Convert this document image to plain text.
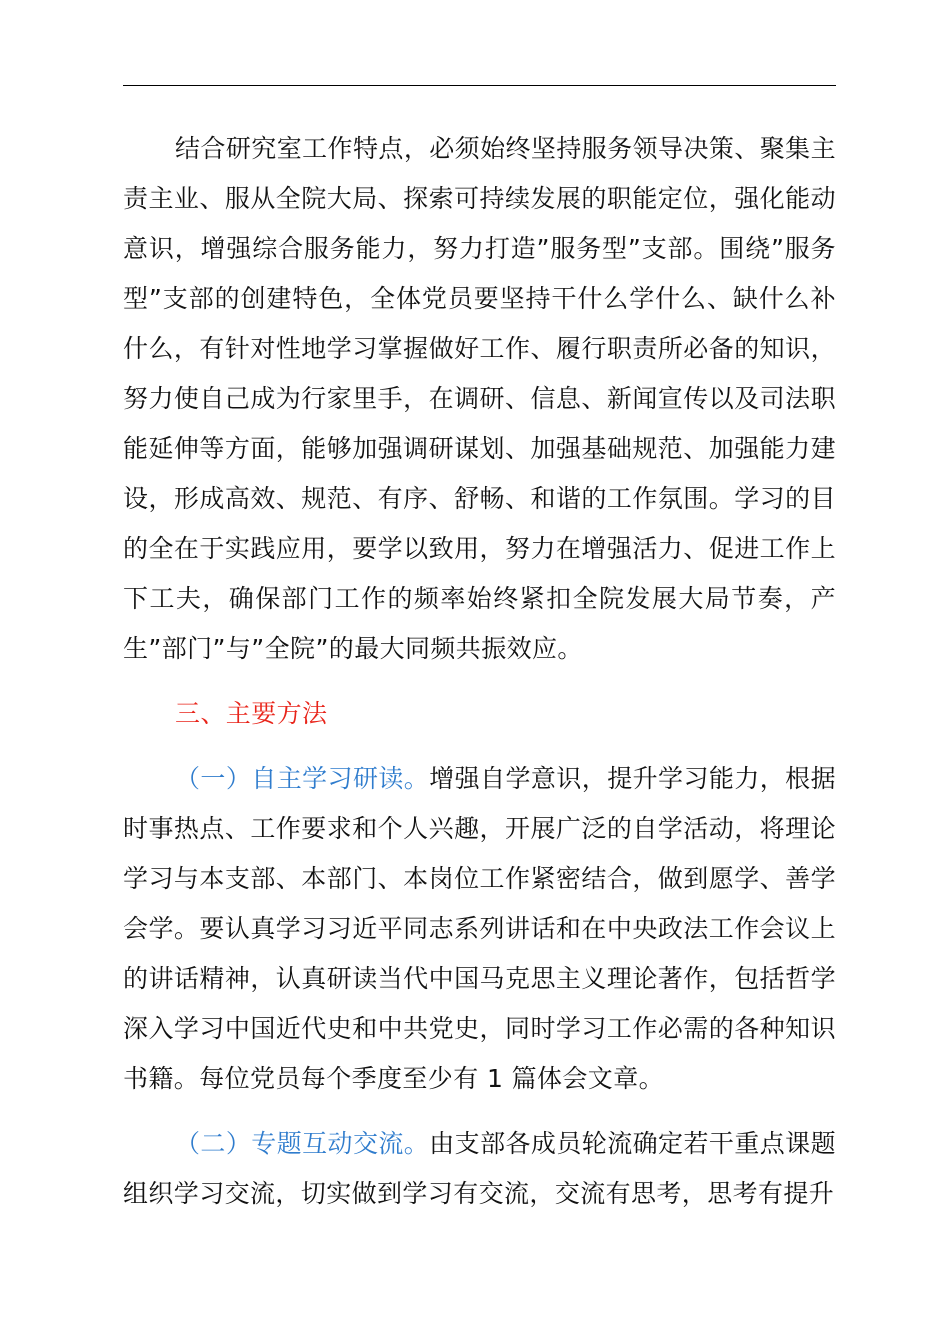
结合研究室工作特点，必须始终坚持服务领导决策、聚集主责主业、服从全院大局、探索可持续发展的职能定位，强化能动意识，增强综合服务能力，努力打造”服务型”支部。围绕”服务型”支部的创建特色，全体党员要坚持干什么学什么、缺什么补什么，有针对性地学习掌握做好工作、履行职责所必备的知识，努力使自己成为行家里手，在调研、信息、新闻宣传以及司法职能延伸等方面，能够加强调研谋划、加强基础规范、加强能力建设，形成高效、规范、有序、舒畅、和谐的工作氛围。学习的目的全在于实践应用，要学以致用，努力在增强活力、促进工作上下工夫，确保部门工作的频率始终紧扣全院发展大局节奏，产生”部门”与”全院”的最大同频共振效应。

三、主要方法

（一）自主学习研读。增强自学意识，提升学习能力，根据时事热点、工作要求和个人兴趣，开展广泛的自学活动，将理论学习与本支部、本部门、本岗位工作紧密结合，做到愿学、善学会学。要认真学习习近平同志系列讲话和在中央政法工作会议上的讲话精神，认真研读当代中国马克思主义理论著作，包括哲学深入学习中国近代史和中共党史，同时学习工作必需的各种知识书籍。每位党员每个季度至少有 1 篇体会文章。

（二）专题互动交流。由支部各成员轮流确定若干重点课题组织学习交流，切实做到学习有交流，交流有思考，思考有提升
